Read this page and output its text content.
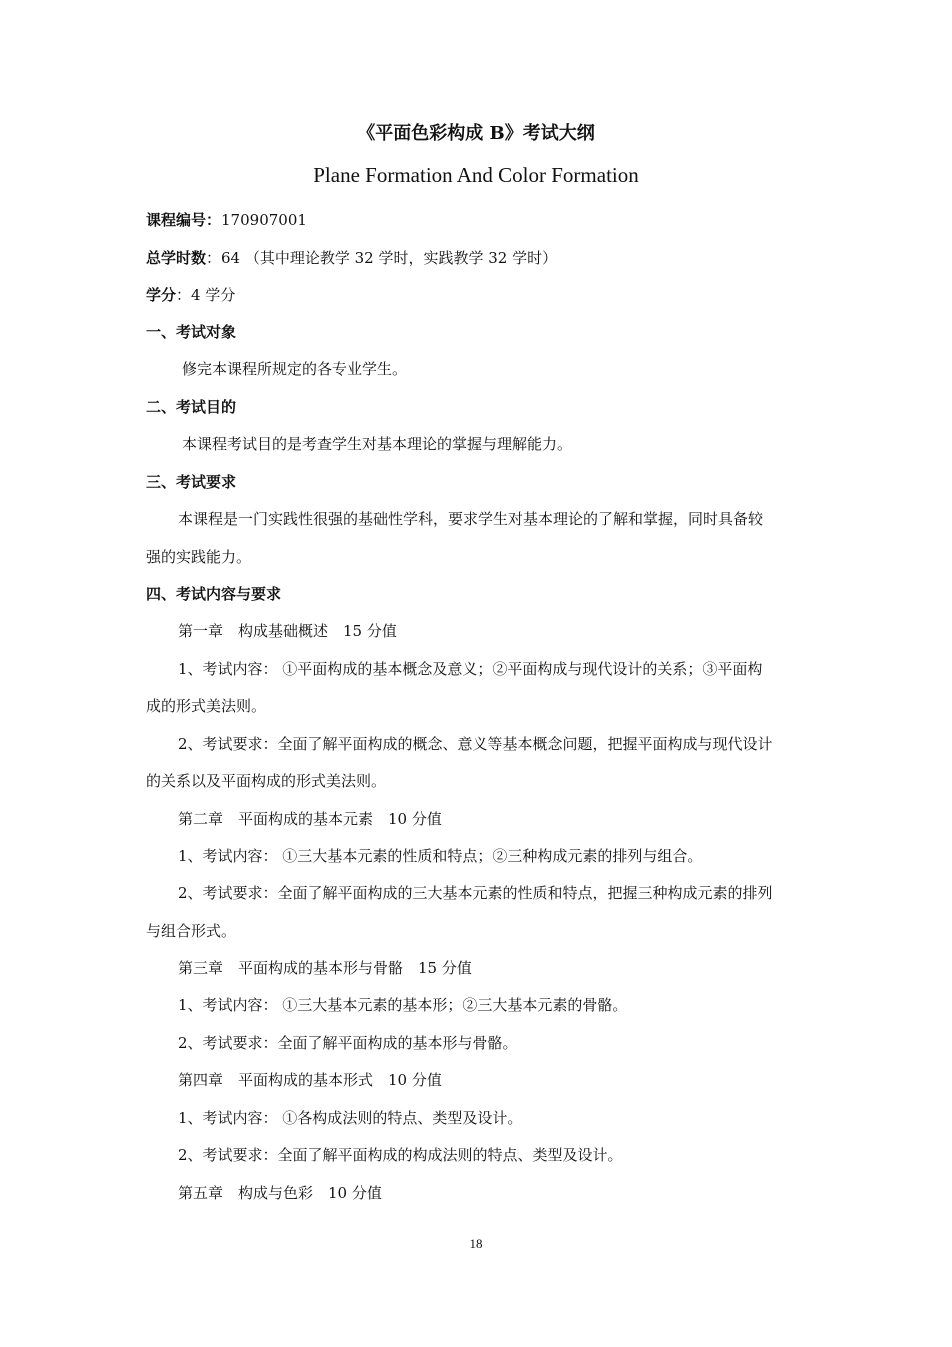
《平面色彩构成 B》考试大纲
Plane Formation And Color Formation
课程编号：170907001
总学时数：64 （其中理论教学 32 学时，实践教学 32 学时）
学分：4 学分
一、考试对象
修完本课程所规定的各专业学生。
二、考试目的
本课程考试目的是考查学生对基本理论的掌握与理解能力。
三、考试要求
本课程是一门实践性很强的基础性学科，要求学生对基本理论的了解和掌握，同时具备较
强的实践能力。
四、考试内容与要求
第一章　构成基础概述　15 分值
1、考试内容： ①平面构成的基本概念及意义；②平面构成与现代设计的关系；③平面构
成的形式美法则。
2、考试要求：全面了解平面构成的概念、意义等基本概念问题，把握平面构成与现代设计
的关系以及平面构成的形式美法则。
第二章　平面构成的基本元素　10 分值
1、考试内容： ①三大基本元素的性质和特点；②三种构成元素的排列与组合。
2、考试要求：全面了解平面构成的三大基本元素的性质和特点，把握三种构成元素的排列
与组合形式。
第三章　平面构成的基本形与骨骼　15 分值
1、考试内容： ①三大基本元素的基本形；②三大基本元素的骨骼。
2、考试要求：全面了解平面构成的基本形与骨骼。
第四章　平面构成的基本形式　10 分值
1、考试内容： ①各构成法则的特点、类型及设计。
2、考试要求：全面了解平面构成的构成法则的特点、类型及设计。
第五章　构成与色彩　10 分值
18
